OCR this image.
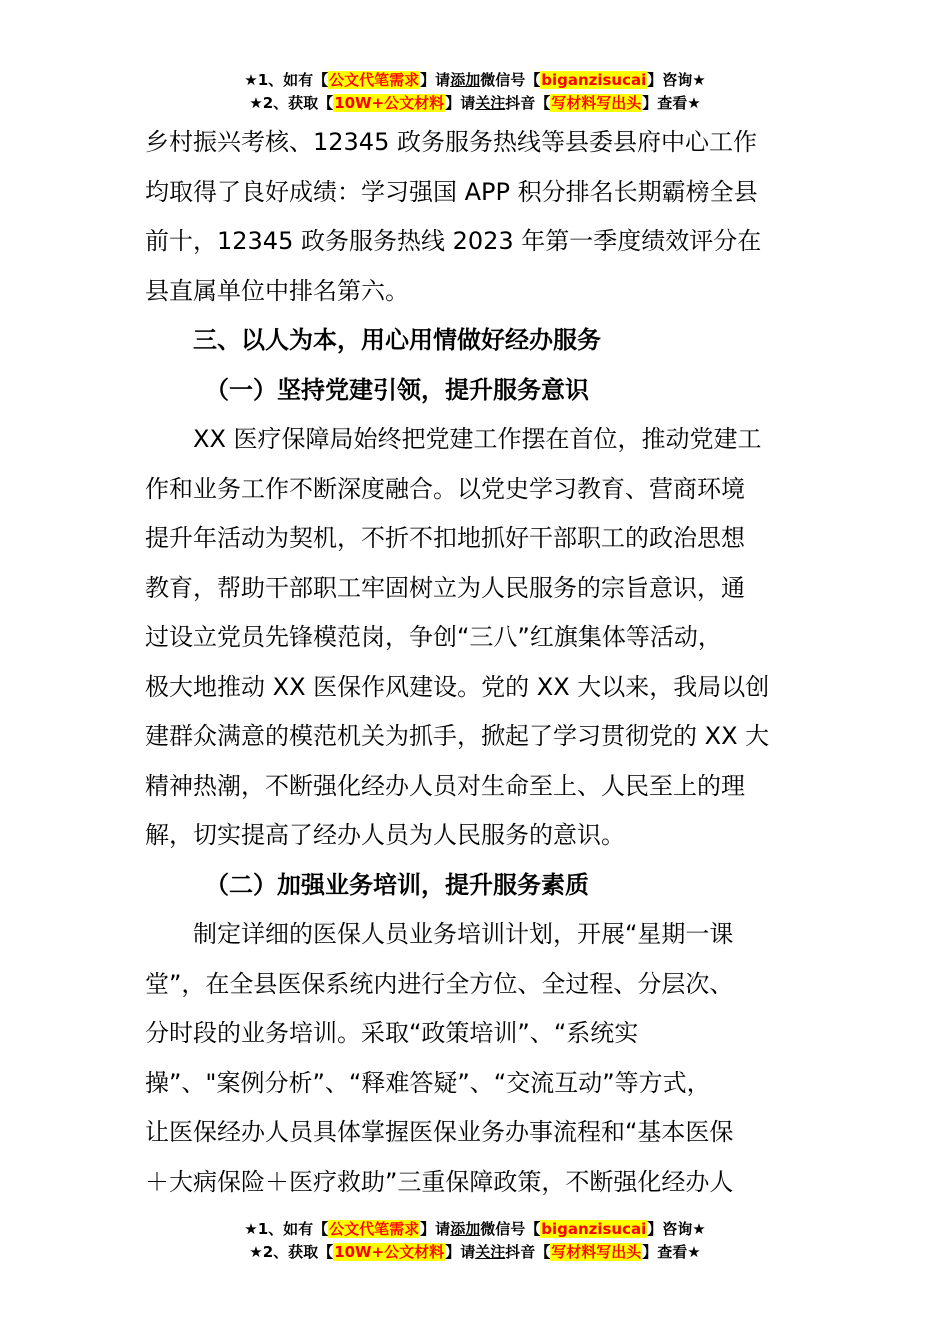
★1、如有【公文代笔需求】请添加微信号【biganzisucai】咨询★
★2、获取【10W+公文材料】请关注抖音【写材料写出头】查看★
乡村振兴考核、12345 政务服务热线等县委县府中心工作
均取得了良好成绩：学习强国 APP 积分排名长期霸榜全县
前十，12345 政务服务热线 2023 年第一季度绩效评分在
县直属单位中排名第六。
三、以人为本，用心用情做好经办服务
（一）坚持党建引领，提升服务意识
XX 医疗保障局始终把党建工作摆在首位，推动党建工
作和业务工作不断深度融合。以党史学习教育、营商环境
提升年活动为契机，不折不扣地抓好干部职工的政治思想
教育，帮助干部职工牢固树立为人民服务的宗旨意识，通
过设立党员先锋模范岗，争创“三八”红旗集体等活动，
极大地推动 XX 医保作风建设。党的 XX 大以来，我局以创
建群众满意的模范机关为抓手，掀起了学习贯彻党的 XX 大
精神热潮，不断强化经办人员对生命至上、人民至上的理
解，切实提高了经办人员为人民服务的意识。
（二）加强业务培训，提升服务素质
制定详细的医保人员业务培训计划，开展“星期一课
堂”，在全县医保系统内进行全方位、全过程、分层次、
分时段的业务培训。采取“政策培训”、“系统实
操”、"案例分析”、“释难答疑”、“交流互动”等方式，
让医保经办人员具体掌握医保业务办事流程和“基本医保
＋大病保险＋医疗救助”三重保障政策，不断强化经办人
★1、如有【公文代笔需求】请添加微信号【biganzisucai】咨询★
★2、获取【10W+公文材料】请关注抖音【写材料写出头】查看★
